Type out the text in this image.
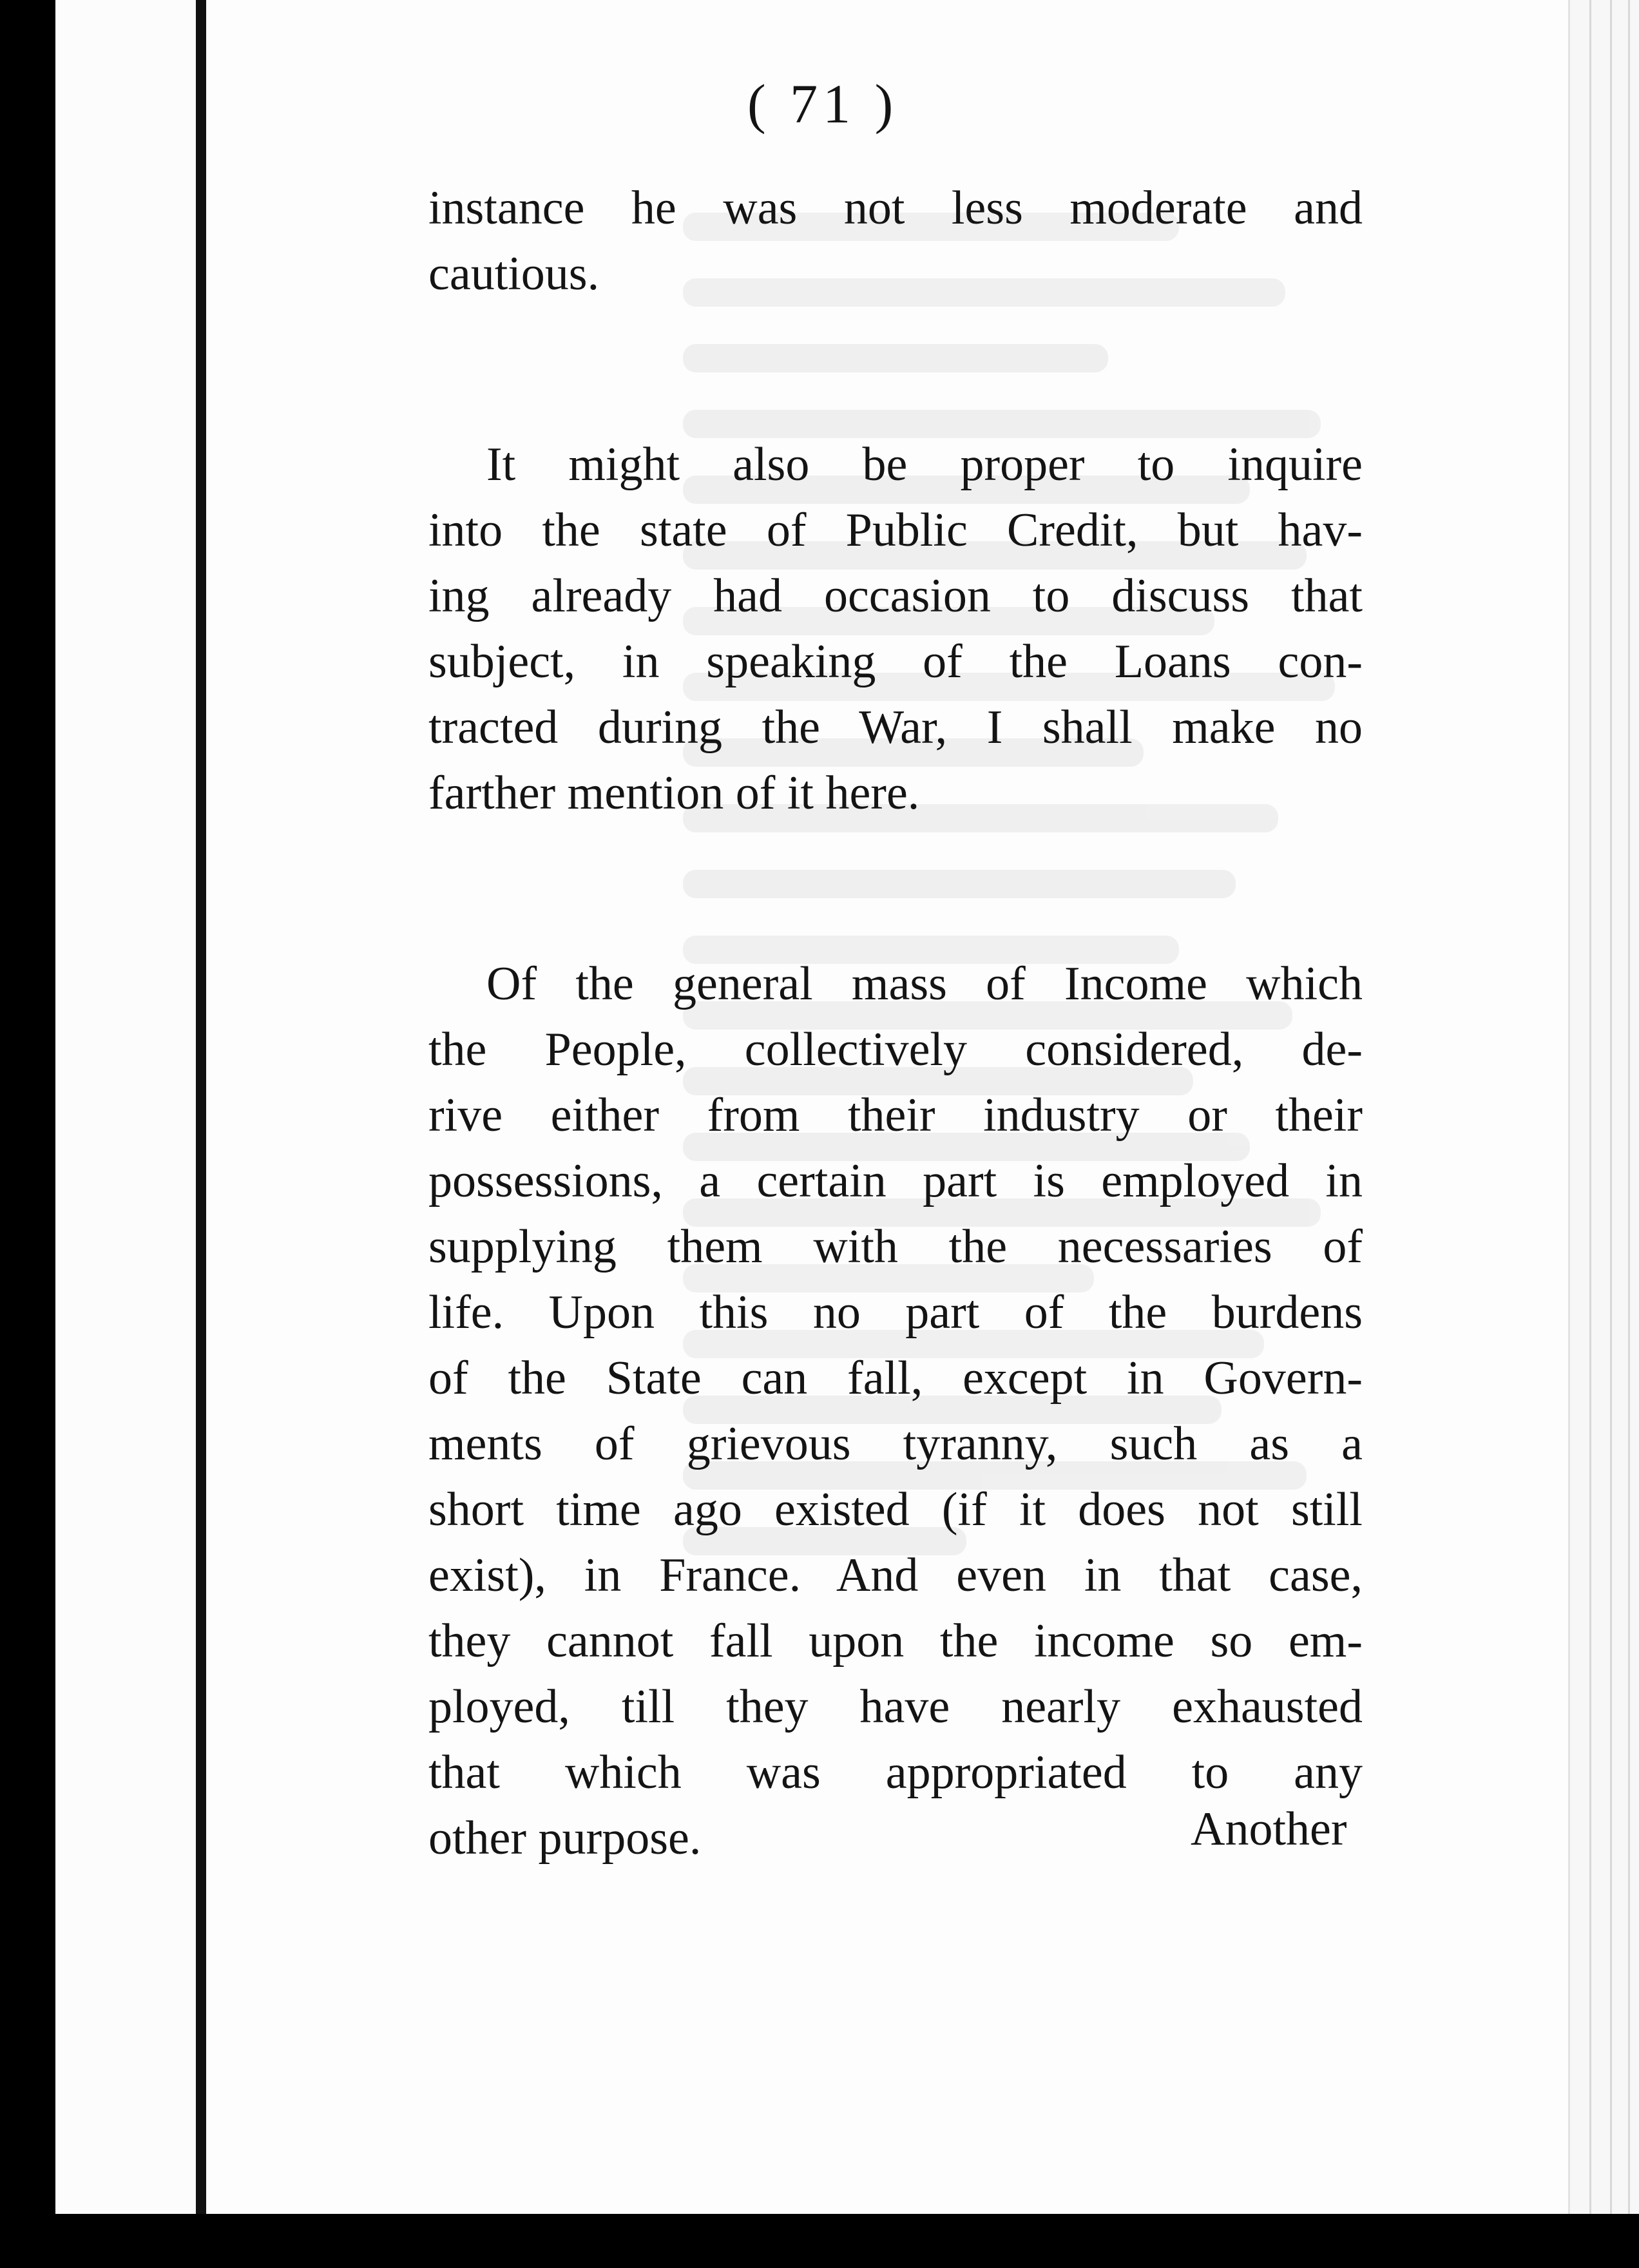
( 71 )
instance he was not less moderate and
cautious.
It might also be proper to inquire
into the state of Public Credit, but hav-
ing already had occasion to discuss that
subject, in speaking of the Loans con-
tracted during the War, I shall make no
farther mention of it here.
Of the general mass of Income which
the People, collectively considered, de-
rive either from their industry or their
possessions, a certain part is employed in
supplying them with the necessaries of
life. Upon this no part of the burdens
of the State can fall, except in Govern-
ments of grievous tyranny, such as a
short time ago existed (if it does not still
exist), in France. And even in that case,
they cannot fall upon the income so em-
ployed, till they have nearly exhausted
that which was appropriated to any
other purpose.	Another
